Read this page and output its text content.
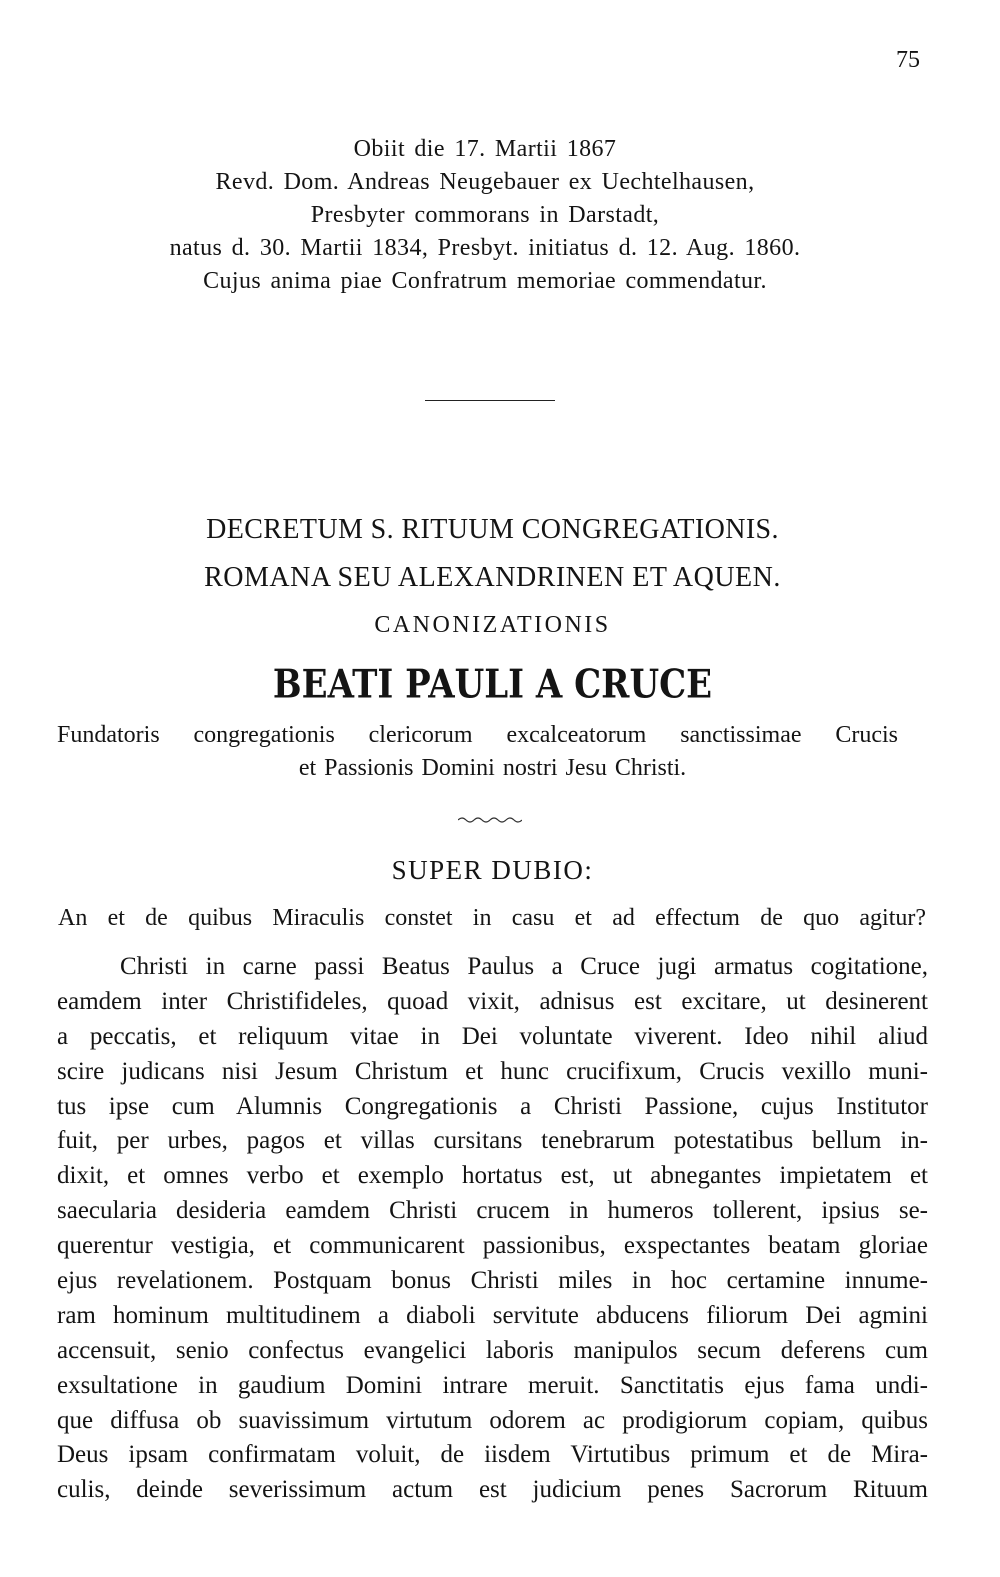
75
Obiit die 17. Martii 1867
Revd. Dom. Andreas Neugebauer ex Uechtelhausen,
Presbyter commorans in Darstadt,
natus d. 30. Martii 1834, Presbyt. initiatus d. 12. Aug. 1860.
Cujus anima piae Confratrum memoriae commendatur.
DECRETUM S. RITUUM CONGREGATIONIS.
ROMANA SEU ALEXANDRINEN ET AQUEN.
CANONIZATIONIS
BEATI PAULI A CRUCE
Fundatoris congregationis clericorum excalceatorum sanctissimae Crucis
et Passionis Domini nostri Jesu Christi.
SUPER DUBIO:
An et de quibus Miraculis constet in casu et ad effectum de quo agitur?
Christi in carne passi Beatus Paulus a Cruce jugi armatus cogitatione,
eamdem inter Christifideles, quoad vixit, adnisus est excitare, ut desinerent
a peccatis, et reliquum vitae in Dei voluntate viverent. Ideo nihil aliud
scire judicans nisi Jesum Christum et hunc crucifixum, Crucis vexillo muni-
tus ipse cum Alumnis Congregationis a Christi Passione, cujus Institutor
fuit, per urbes, pagos et villas cursitans tenebrarum potestatibus bellum in-
dixit, et omnes verbo et exemplo hortatus est, ut abnegantes impietatem et
saecularia desideria eamdem Christi crucem in humeros tollerent, ipsius se-
querentur vestigia, et communicarent passionibus, exspectantes beatam gloriae
ejus revelationem. Postquam bonus Christi miles in hoc certamine innume-
ram hominum multitudinem a diaboli servitute abducens filiorum Dei agmini
accensuit, senio confectus evangelici laboris manipulos secum deferens cum
exsultatione in gaudium Domini intrare meruit. Sanctitatis ejus fama undi-
que diffusa ob suavissimum virtutum odorem ac prodigiorum copiam, quibus
Deus ipsam confirmatam voluit, de iisdem Virtutibus primum et de Mira-
culis, deinde severissimum actum est judicium penes Sacrorum Rituum
